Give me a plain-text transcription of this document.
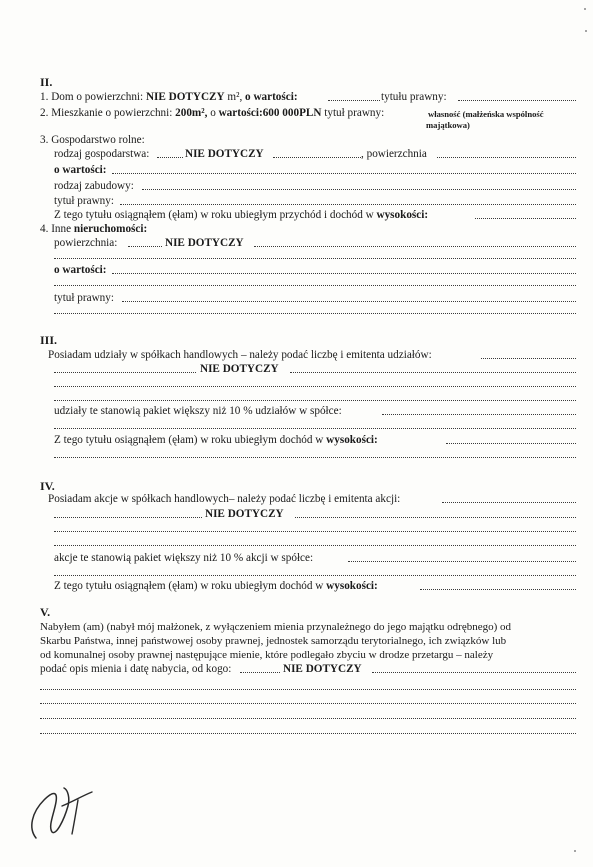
II.
1. Dom o powierzchni: NIE DOTYCZY m², o wartości:	tytułu prawny:
2. Mieszkanie o powierzchni: 200m², o wartości:600 000PLN tytuł prawny:	własność (małżeńska wspólność
majątkowa)
3. Gospodarstwo rolne:
rodzaj gospodarstwa:	NIE DOTYCZY	, powierzchnia
o wartości:
rodzaj zabudowy:
tytuł prawny:
Z tego tytułu osiągnąłem (ęłam) w roku ubiegłym przychód i dochód w wysokości:
4. Inne nieruchomości:
powierzchnia:	NIE DOTYCZY
o wartości:
tytuł prawny:
III.
Posiadam udziały w spółkach handlowych – należy podać liczbę i emitenta udziałów:
NIE DOTYCZY
udziały te stanowią pakiet większy niż 10 % udziałów w spółce:
Z tego tytułu osiągnąłem (ęłam) w roku ubiegłym dochód w wysokości:
IV.
Posiadam akcje w spółkach handlowych– należy podać liczbę i emitenta akcji:
NIE DOTYCZY
akcje te stanowią pakiet większy niż 10 % akcji w spółce:
Z tego tytułu osiągnąłem (ęłam) w roku ubiegłym dochód w wysokości:
V.
Nabyłem (am) (nabył mój małżonek, z wyłączeniem mienia przynależnego do jego majątku odrębnego) od
Skarbu Państwa, innej państwowej osoby prawnej, jednostek samorządu terytorialnego, ich związków lub
od komunalnej osoby prawnej następujące mienie, które podlegało zbyciu w drodze przetargu – należy
podać opis mienia i datę nabycia, od kogo:	NIE DOTYCZY
